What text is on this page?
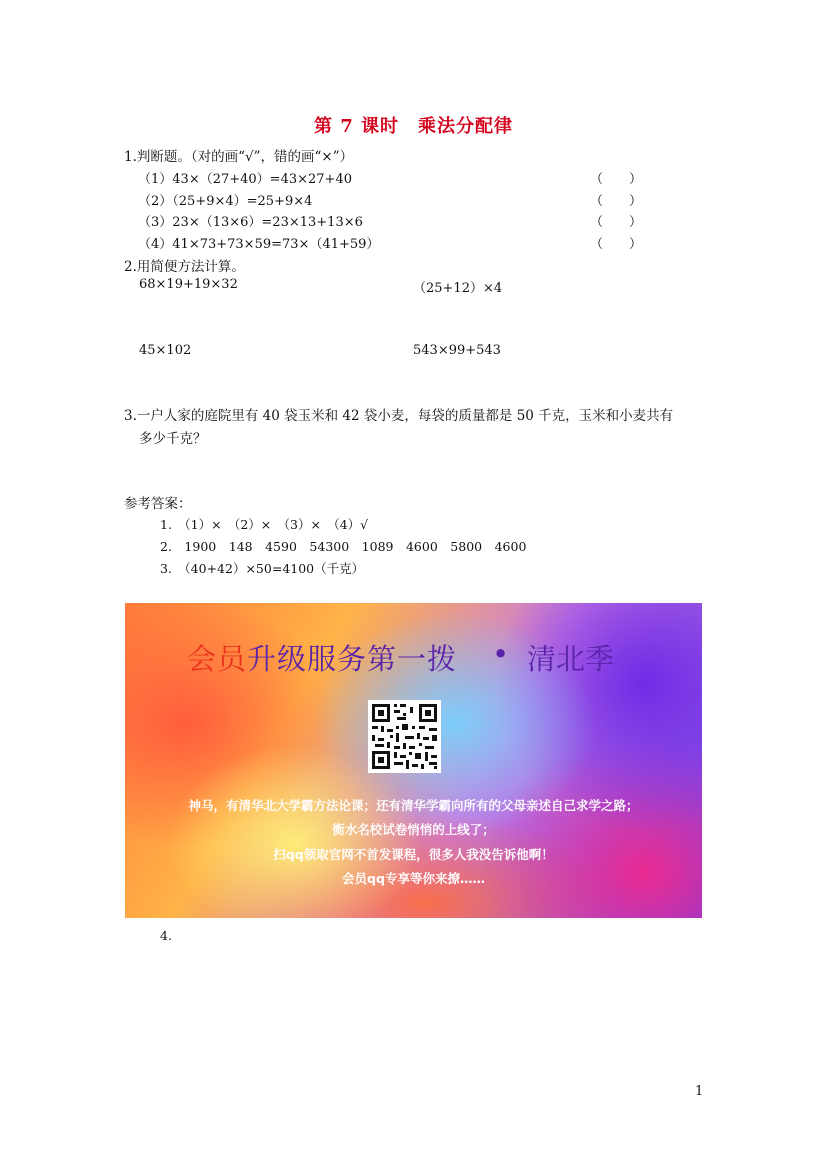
第 7 课时　乘法分配律
1.判断题。（对的画“√”，错的画“×”）
（1）43×（27+40）=43×27+40
（2）（25+9×4）=25+9×4
（3）23×（13×6）=23×13+13×6
（4）41×73+73×59=73×（41+59）
（　　）
（　　）
（　　）
（　　）
2.用简便方法计算。
68×19+19×32	（25+12）×4
45×102	543×99+543
3.一户人家的庭院里有 40 袋玉米和 42 袋小麦，每袋的质量都是 50 千克，玉米和小麦共有
多少千克？
参考答案：
1.　（1）×　（2）×　（3）×　（4）√
2.　1900　148　4590　54300　1089　4600　5800　4600
3.　（40+42）×50=4100（千克）
会员升级服务第一拨 • 清北季
神马，有清华北大学霸方法论课；还有清华学霸向所有的父母亲述自己求学之路；
衡水名校试卷悄悄的上线了；
扫qq领取官网不首发课程，很多人我没告诉他啊！
会员qq专享等你来撩……
4.
1
